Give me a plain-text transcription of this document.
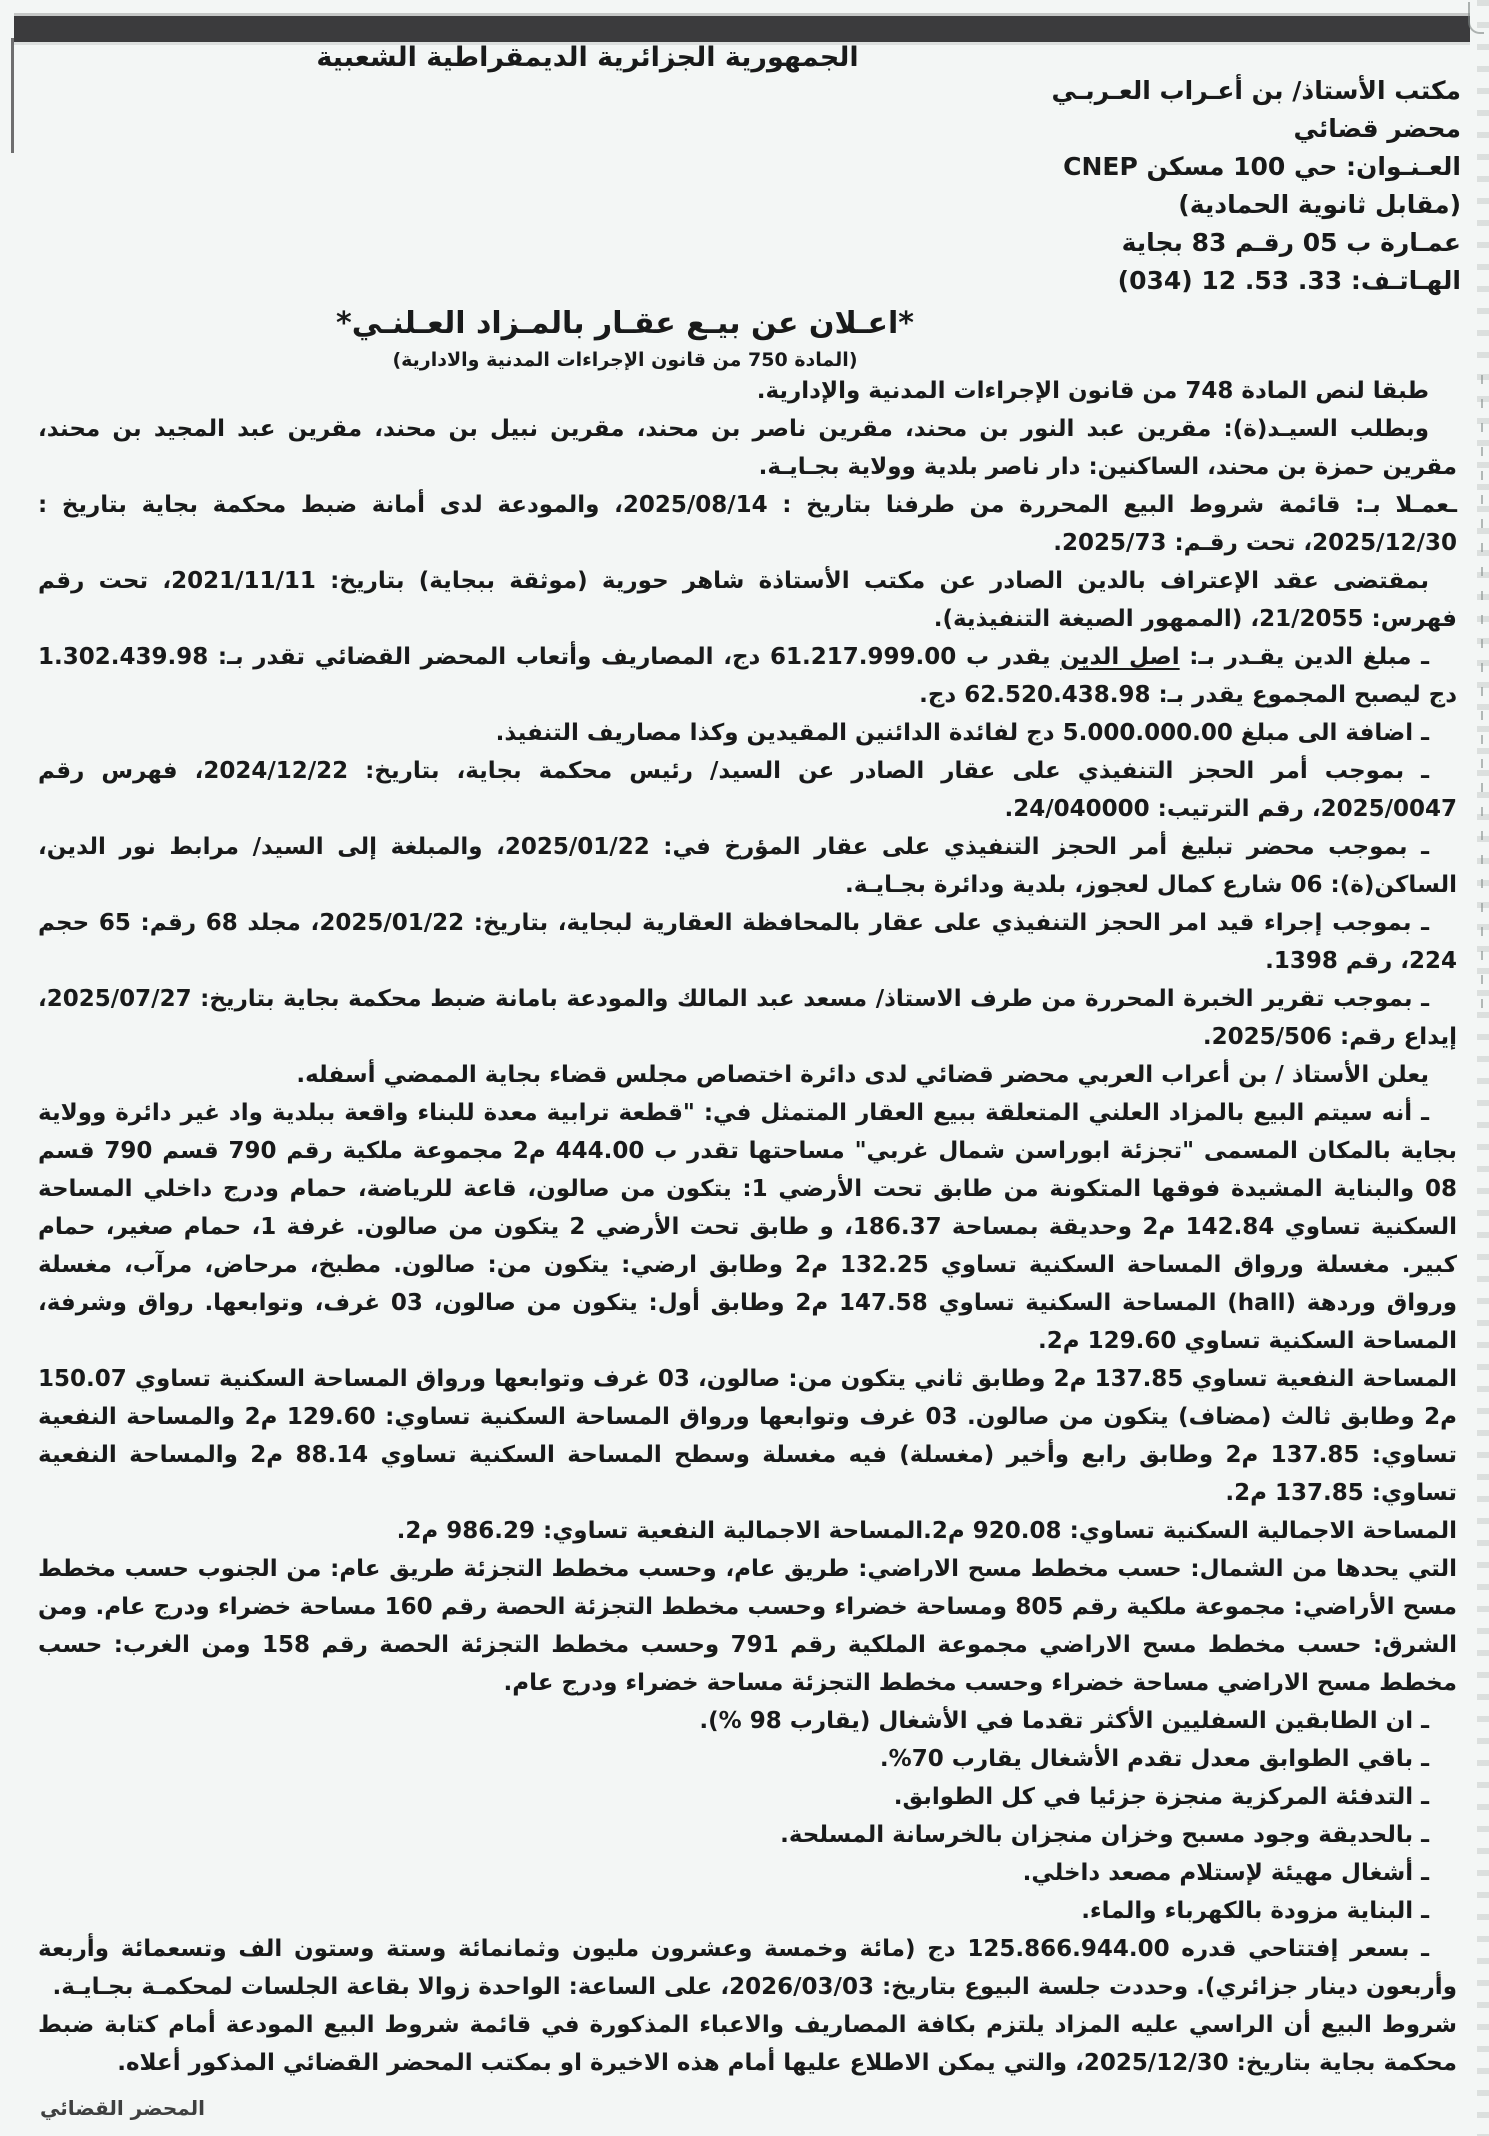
الجمهورية الجزائرية الديمقراطية الشعبية
مكتب الأستاذ/ بن أعـراب العـربـي
محضر قضائي
العـنـوان: حي 100 مسكن CNEP
(مقابل ثانوية الحمادية)
عمـارة ب 05 رقـم 83 بجاية
الهـاتـف: 33. 53. 12 (034)
*اعـلان عن بيـع عقـار بالمـزاد العـلنـي*
(المادة 750 من قانون الإجراءات المدنية والادارية)

طبقا لنص المادة 748 من قانون الإجراءات المدنية والإدارية.

وبطلب السيـد(ة): مقرين عبد النور بن محند، مقرين ناصر بن محند، مقرين نبيل بن محند، مقرين عبد المجيد بن محند، مقرين حمزة بن محند، الساكنين: دار ناصر بلدية وولاية بجـايـة.

ـعمـلا بـ: قائمة شروط البيع المحررة من طرفنا بتاريخ : 2025/08/14، والمودعة لدى أمانة ضبط محكمة بجاية بتاريخ : 2025/12/30، تحت رقـم: 2025/73.

بمقتضى عقد الإعتراف بالدين الصادر عن مكتب الأستاذة شاهر حورية (موثقة ببجاية) بتاريخ: 2021/11/11، تحت رقم فهرس: 21/2055، (الممهور الصيغة التنفيذية).

ـ مبلغ الدين يقـدر بـ: اصل الدين يقدر ب 61.217.999.00 دج، المصاريف وأتعاب المحضر القضائي تقدر بـ: 1.302.439.98 دج ليصبح المجموع يقدر بـ: 62.520.438.98 دج.

ـ اضافة الى مبلغ 5.000.000.00 دج لفائدة الدائنين المقيدين وكذا مصاريف التنفيذ.

ـ بموجب أمر الحجز التنفيذي على عقار الصادر عن السيد/ رئيس محكمة بجاية، بتاريخ: 2024/12/22، فهرس رقم 2025/0047، رقم الترتيب: 24/040000.

ـ بموجب محضر تبليغ أمر الحجز التنفيذي على عقار المؤرخ في: 2025/01/22، والمبلغة إلى السيد/ مرابط نور الدين، الساكن(ة): 06 شارع كمال لعجوز، بلدية ودائرة بجـايـة.

ـ بموجب إجراء قيد امر الحجز التنفيذي على عقار بالمحافظة العقارية لبجاية، بتاريخ: 2025/01/22، مجلد 68 رقم: 65 حجم 224، رقم 1398.

ـ بموجب تقرير الخبرة المحررة من طرف الاستاذ/ مسعد عبد المالك والمودعة بامانة ضبط محكمة بجاية بتاريخ: 2025/07/27، إيداع رقم: 2025/506.

يعلن الأستاذ / بن أعراب العربي محضر قضائي لدى دائرة اختصاص مجلس قضاء بجاية الممضي أسفله.

ـ أنه سيتم البيع بالمزاد العلني المتعلقة ببيع العقار المتمثل في: "قطعة ترابية معدة للبناء واقعة ببلدية واد غير دائرة وولاية بجاية بالمكان المسمى "تجزئة ابوراسن شمال غربي" مساحتها تقدر ب 444.00 م2 مجموعة ملكية رقم 790 قسم 790 قسم 08 والبناية المشيدة فوقها المتكونة من طابق تحت الأرضي 1: يتكون من صالون، قاعة للرياضة، حمام ودرج داخلي المساحة السكنية تساوي 142.84 م2 وحديقة بمساحة 186.37، و طابق تحت الأرضي 2 يتكون من صالون. غرفة 1، حمام صغير، حمام كبير. مغسلة ورواق المساحة السكنية تساوي 132.25 م2 وطابق ارضي: يتكون من: صالون. مطبخ، مرحاض، مرآب، مغسلة ورواق وردهة (hall) المساحة السكنية تساوي 147.58 م2 وطابق أول: يتكون من صالون، 03 غرف، وتوابعها. رواق وشرفة، المساحة السكنية تساوي 129.60 م2.

المساحة النفعية تساوي 137.85 م2 وطابق ثاني يتكون من: صالون، 03 غرف وتوابعها ورواق المساحة السكنية تساوي 150.07 م2 وطابق ثالث (مضاف) يتكون من صالون. 03 غرف وتوابعها ورواق المساحة السكنية تساوي: 129.60 م2 والمساحة النفعية تساوي: 137.85 م2 وطابق رابع وأخير (مغسلة) فيه مغسلة وسطح المساحة السكنية تساوي 88.14 م2 والمساحة النفعية تساوي: 137.85 م2.

المساحة الاجمالية السكنية تساوي: 920.08 م2.المساحة الاجمالية النفعية تساوي: 986.29 م2.

التي يحدها من الشمال: حسب مخطط مسح الاراضي: طريق عام، وحسب مخطط التجزئة طريق عام: من الجنوب حسب مخطط مسح الأراضي: مجموعة ملكية رقم 805 ومساحة خضراء وحسب مخطط التجزئة الحصة رقم 160 مساحة خضراء ودرج عام. ومن الشرق: حسب مخطط مسح الاراضي مجموعة الملكية رقم 791 وحسب مخطط التجزئة الحصة رقم 158 ومن الغرب: حسب مخطط مسح الاراضي مساحة خضراء وحسب مخطط التجزئة مساحة خضراء ودرج عام.

ـ ان الطابقين السفليين الأكثر تقدما في الأشغال (يقارب 98 %).

ـ باقي الطوابق معدل تقدم الأشغال يقارب 70%.

ـ التدفئة المركزية منجزة جزئيا في كل الطوابق.

ـ بالحديقة وجود مسبح وخزان منجزان بالخرسانة المسلحة.

ـ أشغال مهيئة لإستلام مصعد داخلي.

ـ البناية مزودة بالكهرباء والماء.

ـ بسعر إفتتاحي قدره 125.866.944.00 دج (مائة وخمسة وعشرون مليون وثمانمائة وستة وستون الف وتسعمائة وأربعة وأربعون دينار جزائري). وحددت جلسة البيوع بتاريخ: 2026/03/03، على الساعة: الواحدة زوالا بقاعة الجلسات لمحكمـة بجـايـة.

شروط البيع أن الراسي عليه المزاد يلتزم بكافة المصاريف والاعباء المذكورة في قائمة شروط البيع المودعة أمام كتابة ضبط محكمة بجاية بتاريخ: 2025/12/30، والتي يمكن الاطلاع عليها أمام هذه الاخيرة او بمكتب المحضر القضائي المذكور أعلاه.

المحضر القضائي
